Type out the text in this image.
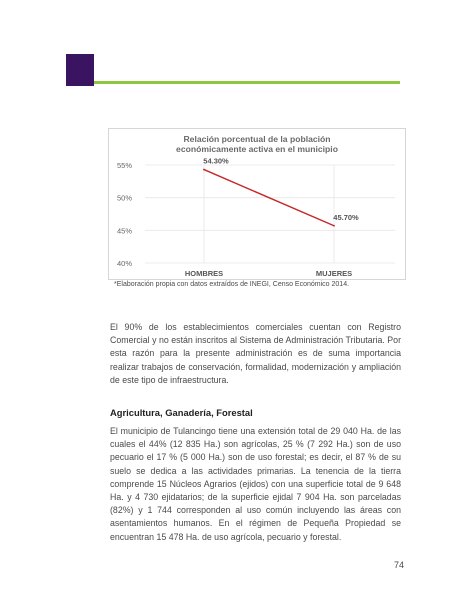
55%
50%
45%
40%
HOMBRES	MUJERES
54.30%
45.70%
Relación porcentual de la población
económicamente activa en el municipio
*Elaboración propia con datos extraídos de INEGI, Censo Económico 2014.
El 90% de los establecimientos comerciales cuentan con Registro Comercial y no están inscritos al Sistema de Administración Tributaria. Por esta razón para la presente administración es de suma importancia realizar trabajos de conservación, formalidad, modernización y ampliación de este tipo de infraestructura.
Agricultura, Ganadería, Forestal
El municipio de Tulancingo tiene una extensión total de 29 040 Ha. de las cuales el 44% (12 835 Ha.) son agrícolas, 25 % (7 292 Ha.) son de uso pecuario el 17 % (5 000 Ha.) son de uso forestal; es decir, el 87 % de su suelo se dedica a las actividades primarias. La tenencia de la tierra comprende 15 Núcleos Agrarios (ejidos) con una superficie total de 9 648 Ha. y 4 730 ejidatarios; de la superficie ejidal 7 904 Ha. son parceladas (82%) y 1 744 corresponden al uso común incluyendo las áreas con asentamientos humanos. En el régimen de Pequeña Propiedad se encuentran 15 478 Ha. de uso agrícola, pecuario y forestal.
74
